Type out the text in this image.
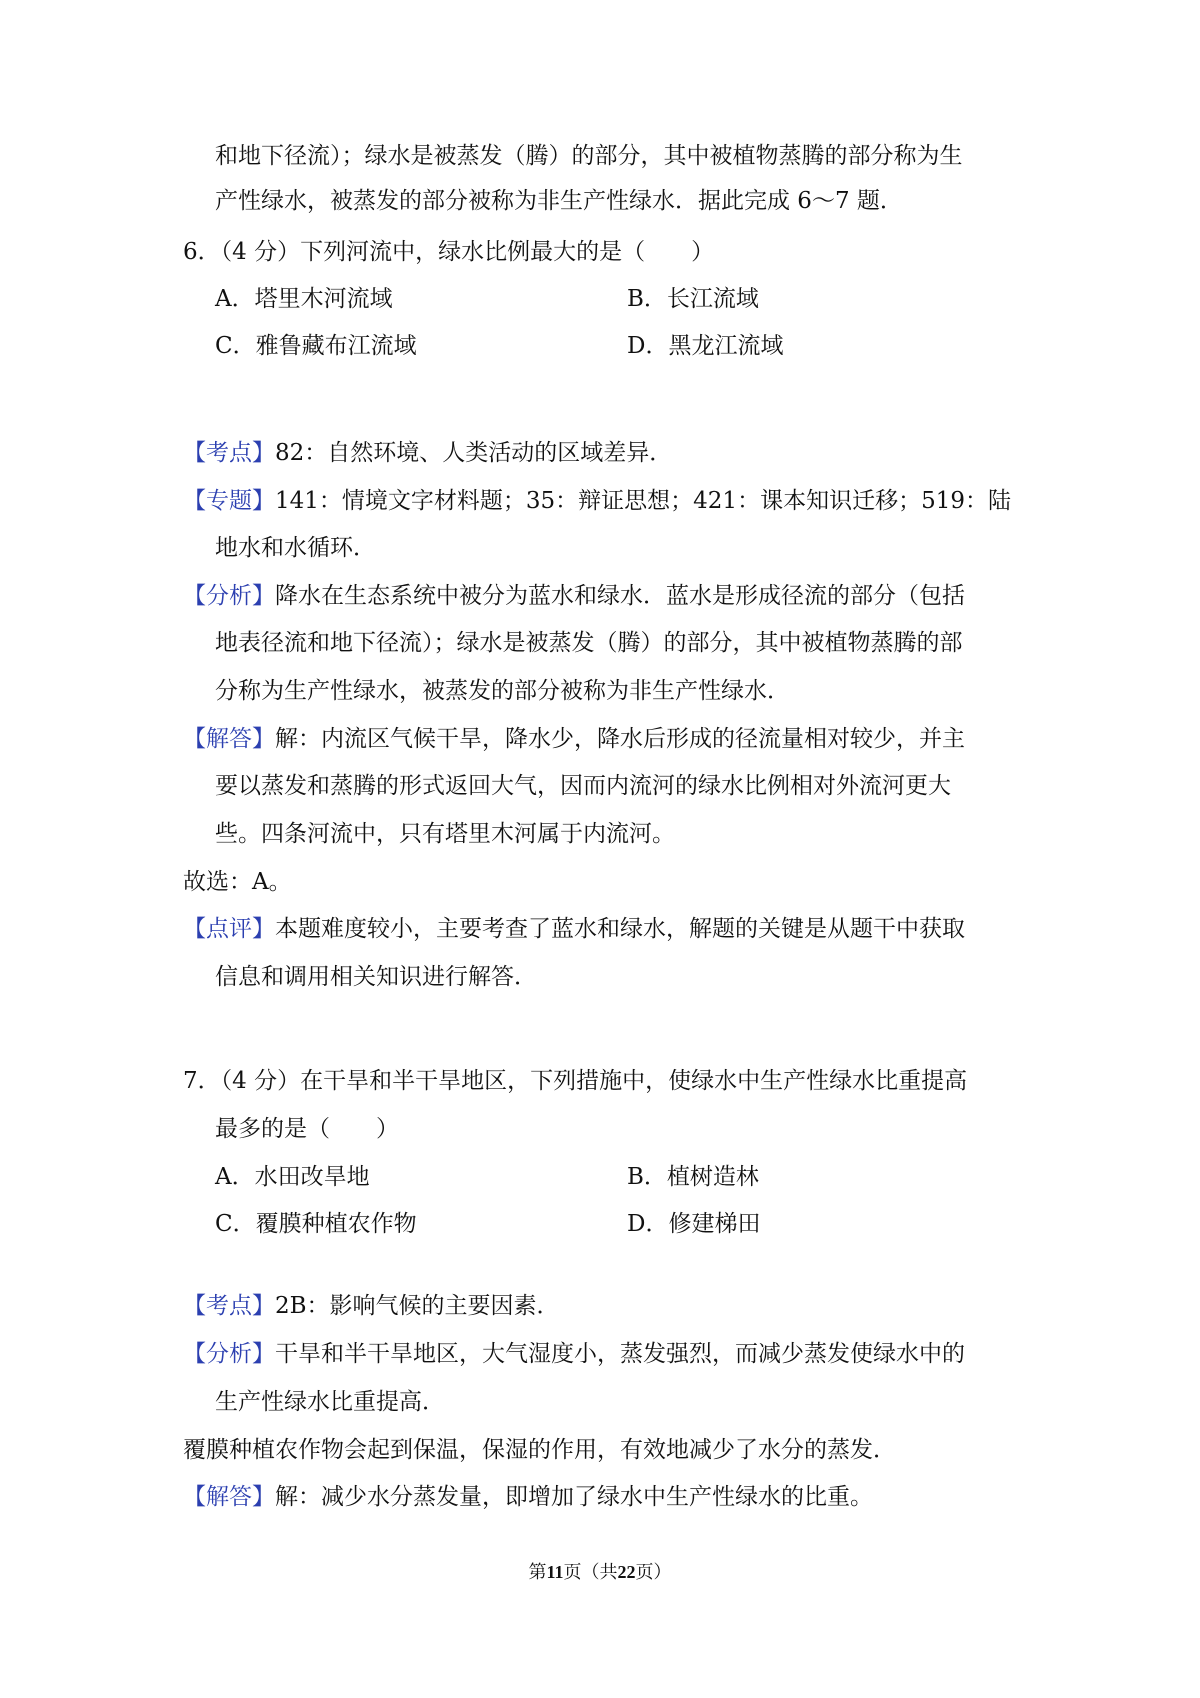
和地下径流）；绿水是被蒸发（腾）的部分，其中被植物蒸腾的部分称为生
产性绿水，被蒸发的部分被称为非生产性绿水．据此完成 6～7 题．
6．（4 分）下列河流中，绿水比例最大的是（　　）
A．塔里木河流域	B．长江流域
C．雅鲁藏布江流域	D．黑龙江流域
【考点】82：自然环境、人类活动的区域差异．
【专题】141：情境文字材料题；35：辩证思想；421：课本知识迁移；519：陆
地水和水循环．
【分析】降水在生态系统中被分为蓝水和绿水．蓝水是形成径流的部分（包括
地表径流和地下径流）；绿水是被蒸发（腾）的部分，其中被植物蒸腾的部
分称为生产性绿水，被蒸发的部分被称为非生产性绿水．
【解答】解：内流区气候干旱，降水少，降水后形成的径流量相对较少，并主
要以蒸发和蒸腾的形式返回大气，因而内流河的绿水比例相对外流河更大
些。四条河流中，只有塔里木河属于内流河。
故选：A。
【点评】本题难度较小，主要考查了蓝水和绿水，解题的关键是从题干中获取
信息和调用相关知识进行解答．
7．（4 分）在干旱和半干旱地区，下列措施中，使绿水中生产性绿水比重提高
最多的是（　　）
A．水田改旱地	B．植树造林
C．覆膜种植农作物	D．修建梯田
【考点】2B：影响气候的主要因素．
【分析】干旱和半干旱地区，大气湿度小，蒸发强烈，而减少蒸发使绿水中的
生产性绿水比重提高．
覆膜种植农作物会起到保温，保湿的作用，有效地减少了水分的蒸发．
【解答】解：减少水分蒸发量，即增加了绿水中生产性绿水的比重。
第11页（共22页）
